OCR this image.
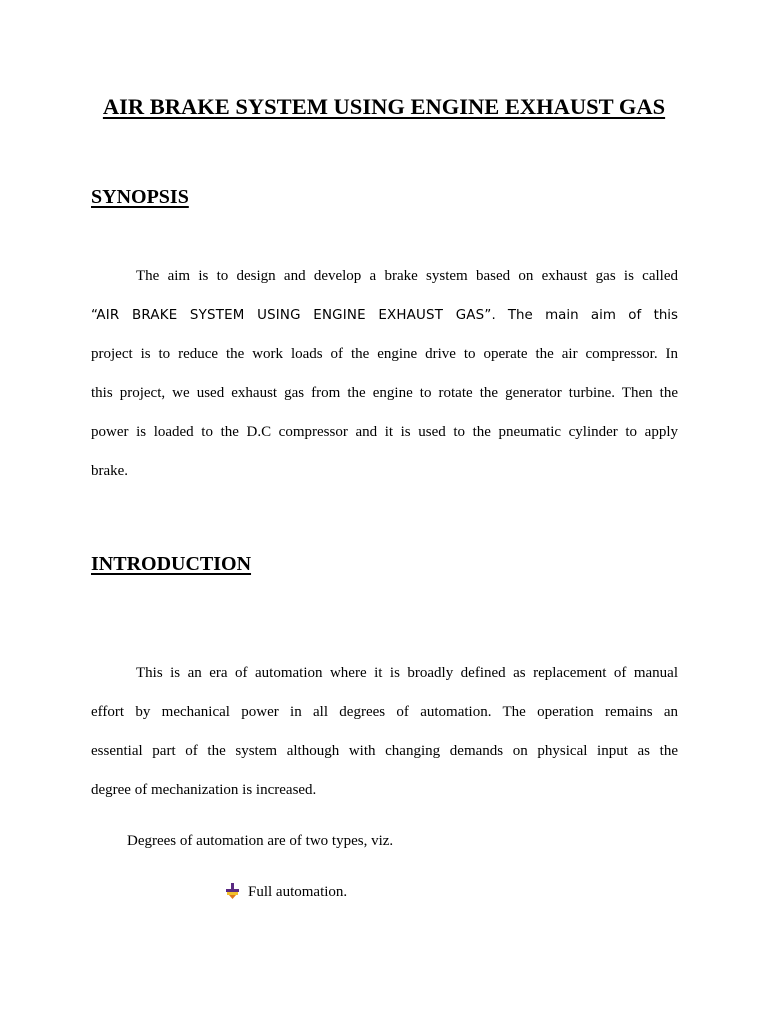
AIR BRAKE SYSTEM USING ENGINE EXHAUST GAS
SYNOPSIS
The aim is to design and develop a brake system based on exhaust gas is called
“AIR BRAKE SYSTEM USING ENGINE EXHAUST GAS”. The main aim of this
project is to reduce the work loads of the engine drive to operate the air compressor. In
this project, we used exhaust gas from the engine to rotate the generator turbine. Then the
power is loaded to the D.C compressor and it is used to the pneumatic cylinder to apply
brake.
INTRODUCTION
This is an era of automation where it is broadly defined as replacement of manual
effort by mechanical power in all degrees of automation. The operation remains an
essential part of the system although with changing demands on physical input as the
degree of mechanization is increased.
Degrees of automation are of two types, viz.
Full automation.
